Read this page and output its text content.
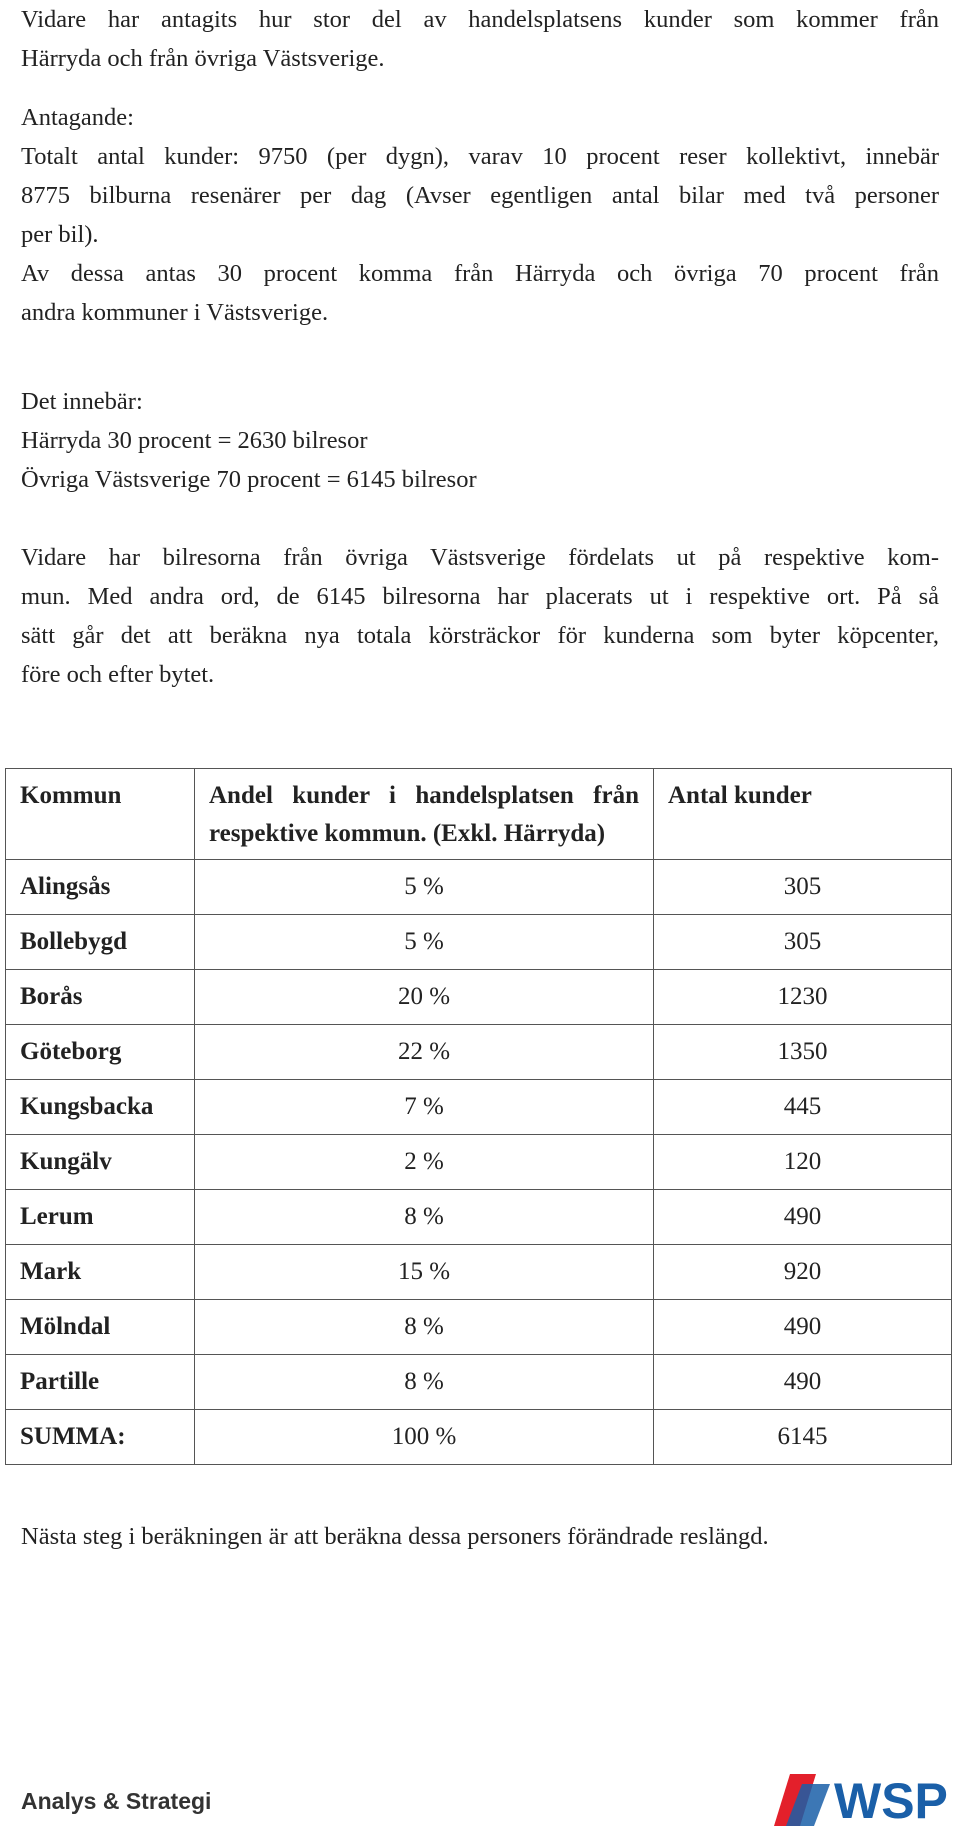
Vidare har antagits hur stor del av handelsplatsens kunder som kommer från
Härryda och från övriga Västsverige.

Antagande:

Totalt antal kunder: 9750 (per dygn), varav 10 procent reser kollektivt, innebär
8775 bilburna resenärer per dag (Avser egentligen antal bilar med två personer
per bil).
Av dessa antas 30 procent komma från Härryda och övriga 70 procent från
andra kommuner i Västsverige.

Det innebär:

Härryda 30 procent = 2630 bilresor
Övriga Västsverige 70 procent = 6145 bilresor

Vidare har bilresorna från övriga Västsverige fördelats ut på respektive kom-
mun. Med andra ord, de 6145 bilresorna har placerats ut i respektive ort. På så
sätt går det att beräkna nya totala körsträckor för kunderna som byter köpcenter,
före och efter bytet.

Kommun	Andel kunder i handelsplatsen från respektive kommun. (Exkl. Härryda)	Antal kunder
Alingsås	5 %	305
Bollebygd	5 %	305
Borås	20 %	1230
Göteborg	22 %	1350
Kungsbacka	7 %	445
Kungälv	2 %	120
Lerum	8 %	490
Mark	15 %	920
Mölndal	8 %	490
Partille	8 %	490
SUMMA:	100 %	6145

Nästa steg i beräkningen är att beräkna dessa personers förändrade reslängd.

Analys & Strategi	WSP
